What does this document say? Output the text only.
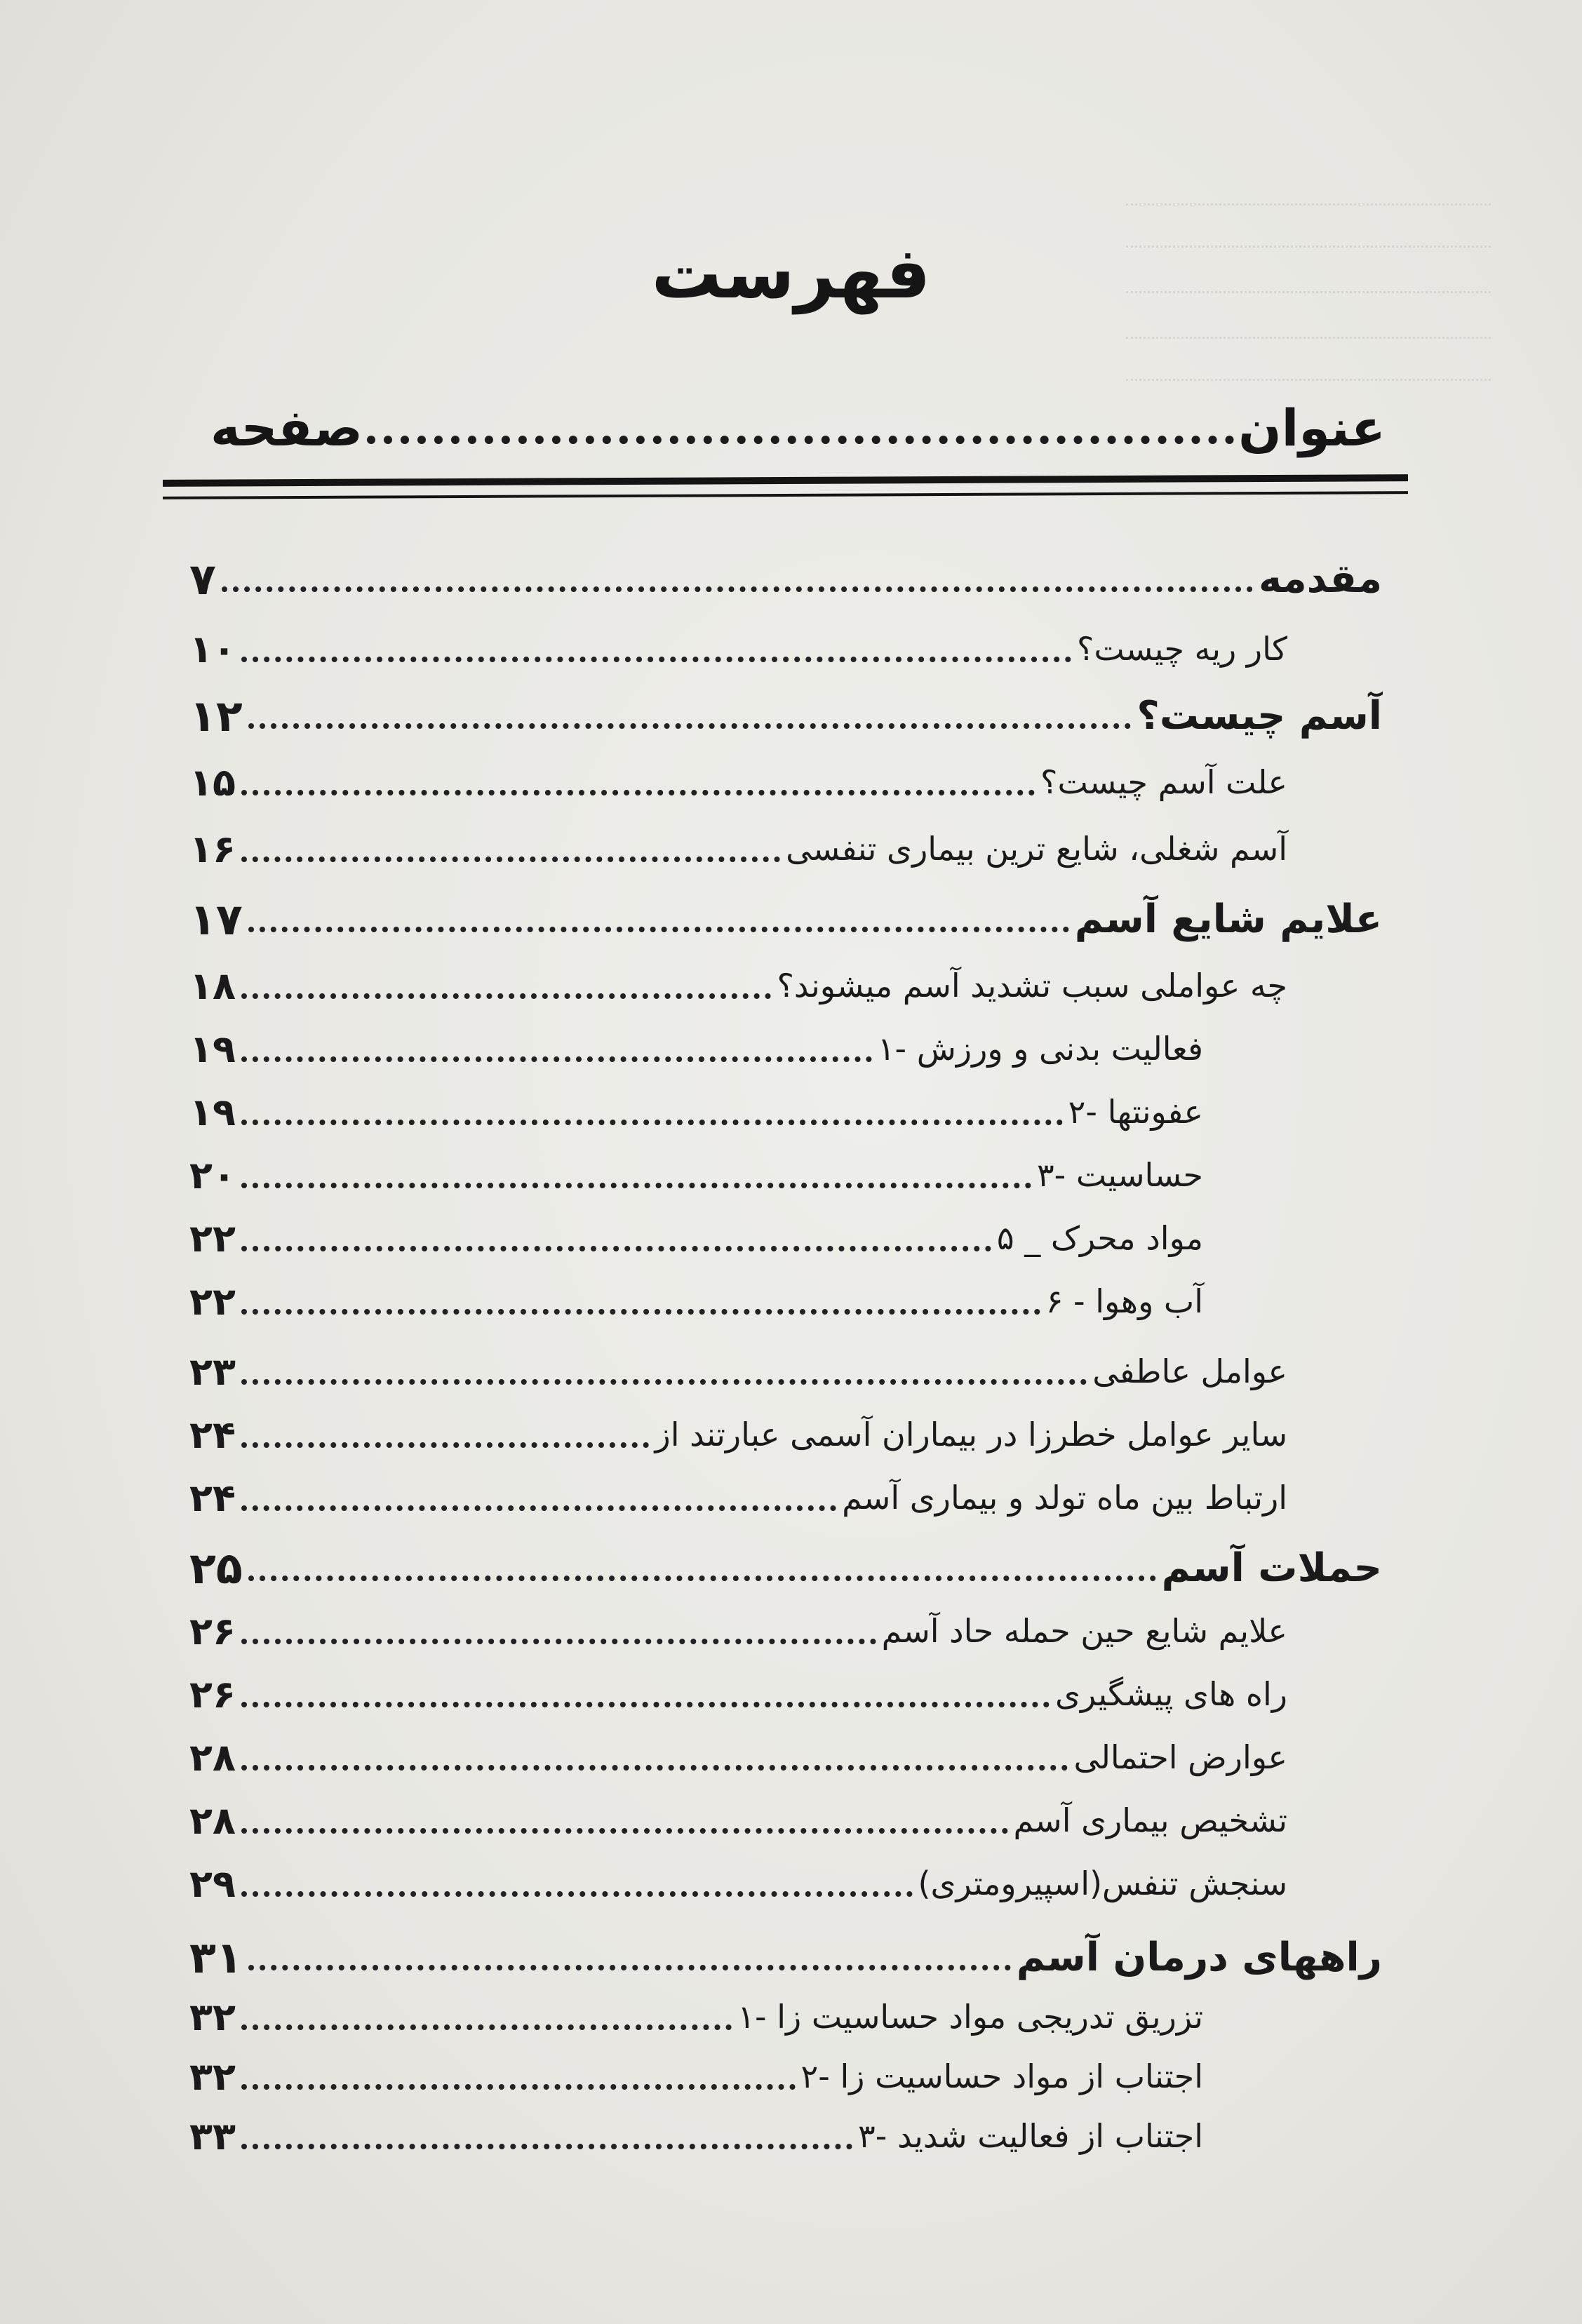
فهرست
عنوان
صفحه
مقدمه
۷
کار ریه چیست؟
۱۰
آسم چیست؟
۱۲
علت آسم چیست؟
۱۵
آسم شغلی، شایع ترین بیماری تنفسی
۱۶
علایم شایع آسم
۱۷
چه عواملی سبب تشدید آسم میشوند؟
۱۸
۱- فعالیت بدنی و ورزش
۱۹
۲- عفونتها
۱۹
۳- حساسیت
۲۰
۵ _ مواد محرک
۲۲
۶ - آب وهوا
۲۲
عوامل عاطفی
۲۳
سایر عوامل خطرزا در بیماران آسمی عبارتند از
۲۴
ارتباط بین ماه تولد و بیماری آسم
۲۴
حملات آسم
۲۵
علایم شایع حین حمله حاد آسم
۲۶
راه های پیشگیری
۲۶
عوارض احتمالی
۲۸
تشخیص بیماری آسم
۲۸
سنجش تنفس(اسپیرومتری)
۲۹
راههای درمان آسم
۳۱
۱- تزریق تدریجی مواد حساسیت زا
۳۲
۲- اجتناب از مواد حساسیت زا
۳۲
۳- اجتناب از فعالیت شدید
۳۳
